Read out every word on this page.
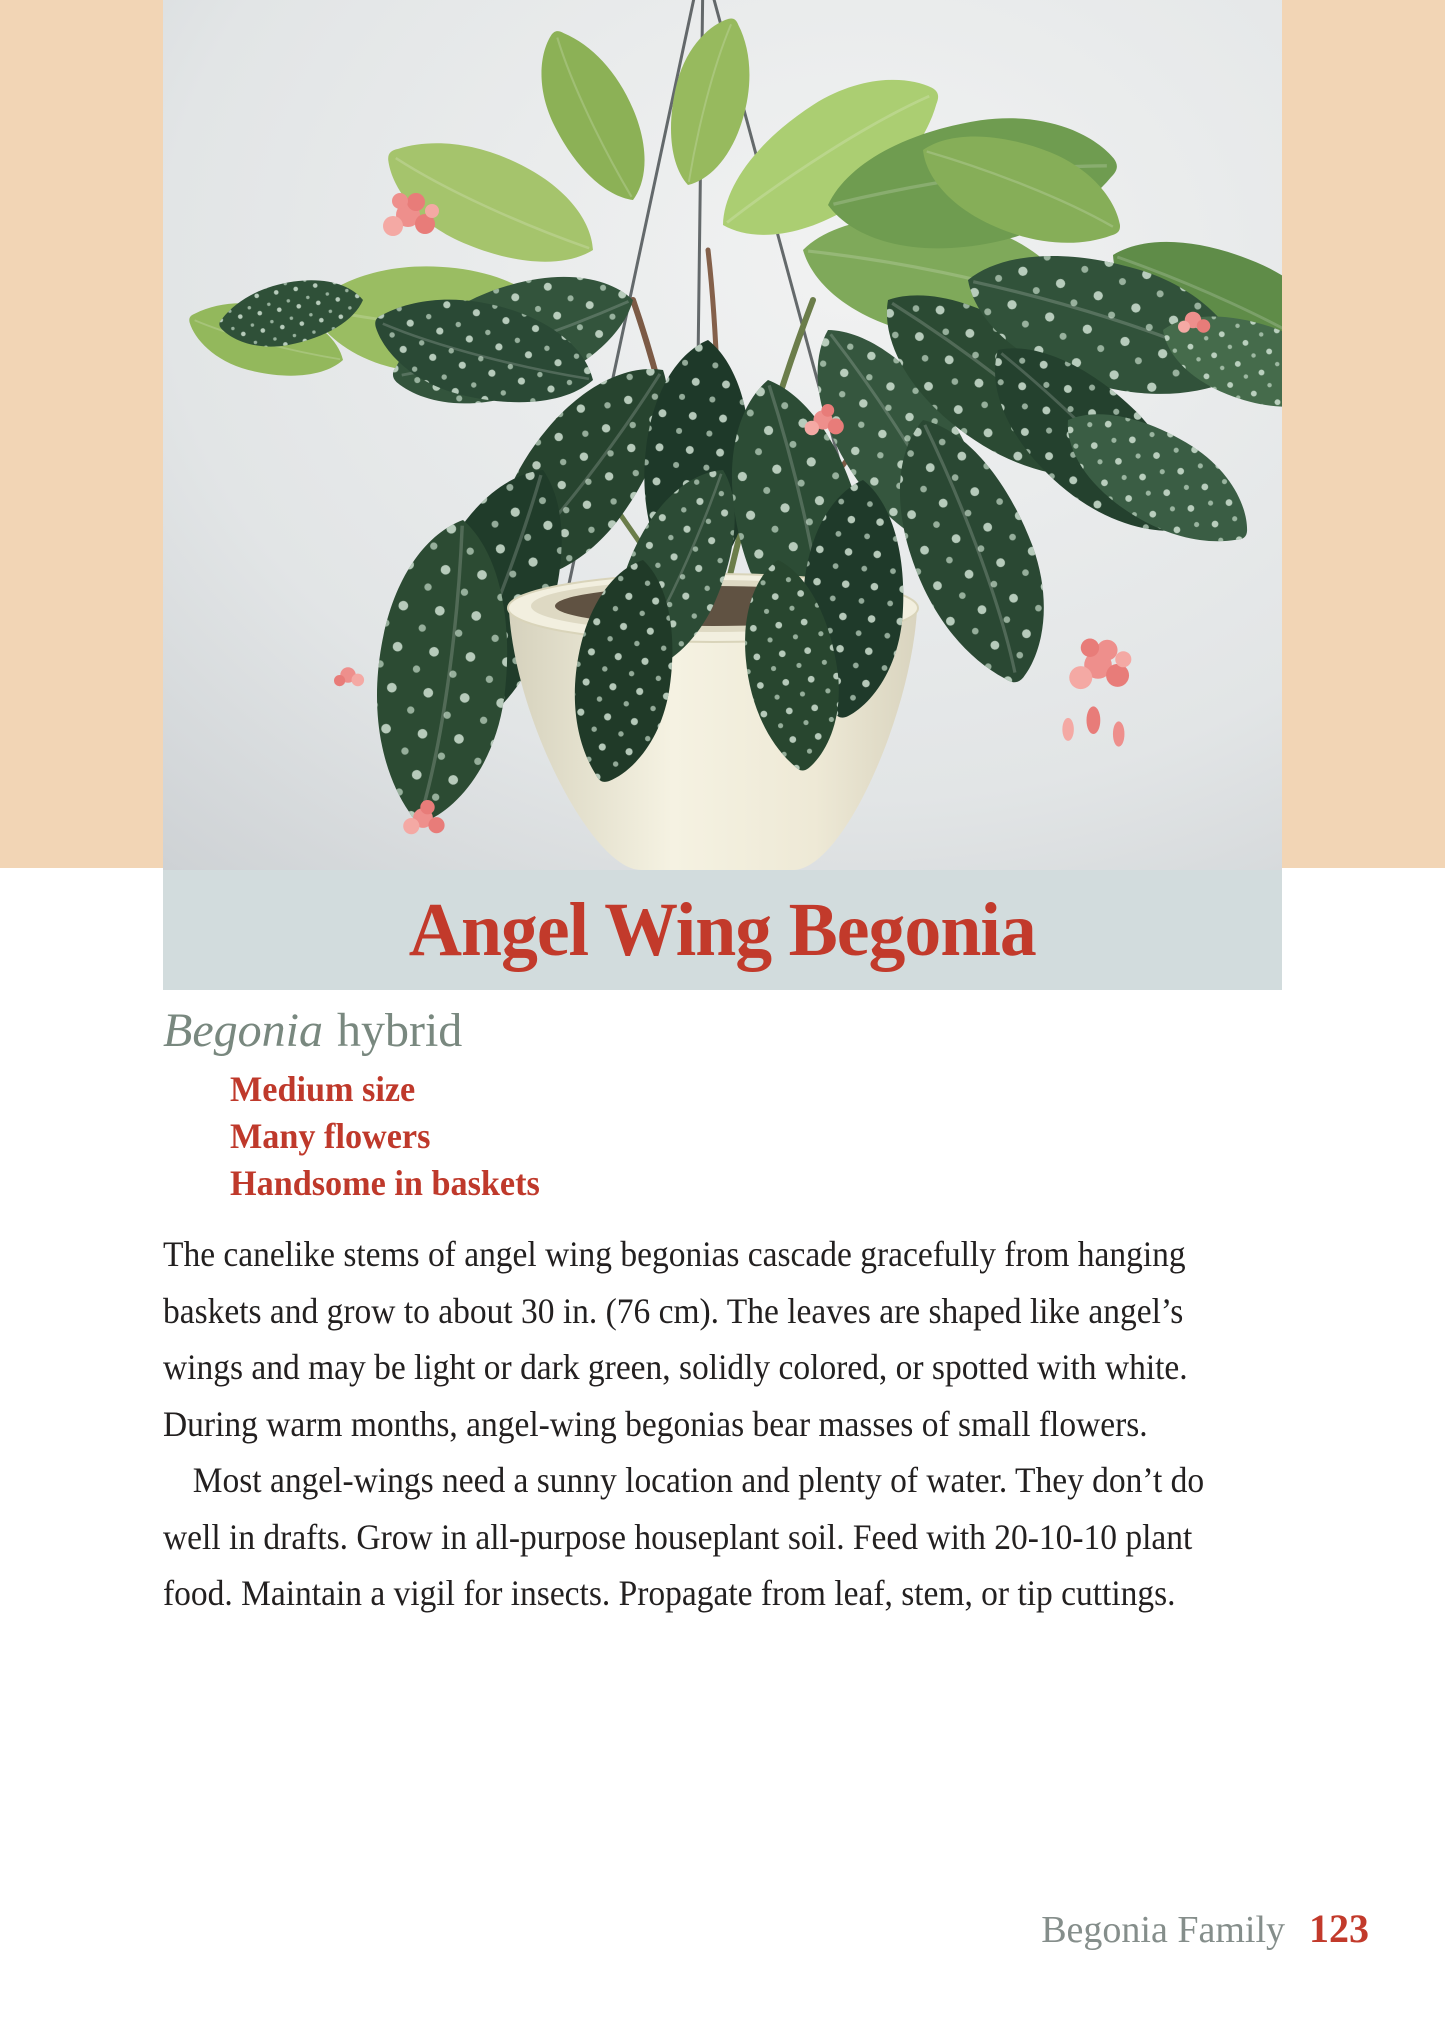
Angel Wing Begonia
Begonia hybrid
Medium size
Many flowers
Handsome in baskets
The canelike stems of angel wing begonias cascade gracefully from hanging
baskets and grow to about 30 in. (76 cm). The leaves are shaped like angel’s
wings and may be light or dark green, solidly colored, or spotted with white.
During warm months, angel-wing begonias bear masses of small flowers.
Most angel-wings need a sunny location and plenty of water. They don’t do
well in drafts. Grow in all-purpose houseplant soil. Feed with 20-10-10 plant
food. Maintain a vigil for insects. Propagate from leaf, stem, or tip cuttings.
Begonia Family 123
